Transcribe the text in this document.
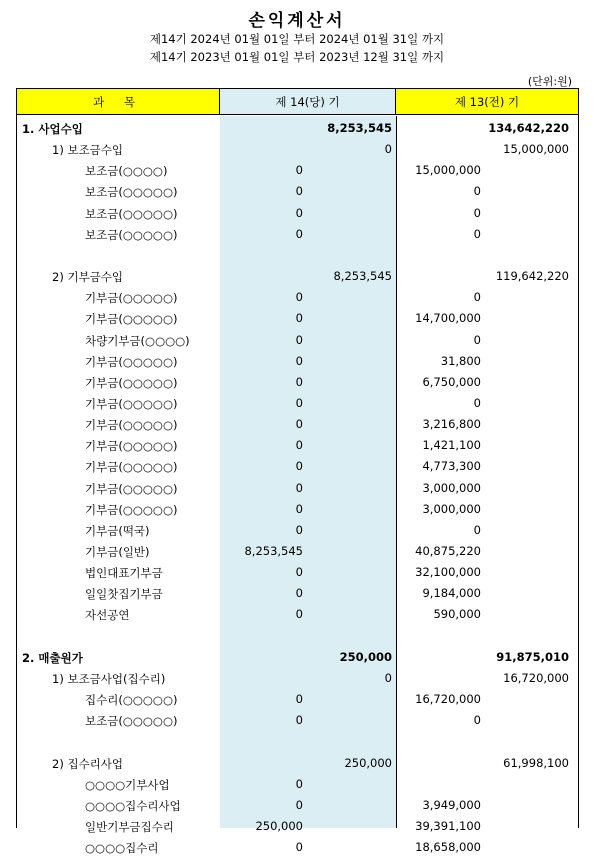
손익계산서
제14기 2024년 01월 01일 부터 2024년 01월 31일 까지
제14기 2023년 01월 01일 부터 2023년 12월 31일 까지
(단위:원)
과 목	제 14(당) 기	제 13(전) 기
1. 사업수입	8,253,545	134,642,220
1) 보조금수입	0	15,000,000
보조금(○○○○)	0	15,000,000
보조금(○○○○○)	0	0
보조금(○○○○○)	0	0
보조금(○○○○○)	0	0
2) 기부금수입	8,253,545	119,642,220
기부금(○○○○○)	0	0
기부금(○○○○○)	0	14,700,000
차량기부금(○○○○)	0	0
기부금(○○○○○)	0	31,800
기부금(○○○○○)	0	6,750,000
기부금(○○○○○)	0	0
기부금(○○○○○)	0	3,216,800
기부금(○○○○○)	0	1,421,100
기부금(○○○○○)	0	4,773,300
기부금(○○○○○)	0	3,000,000
기부금(○○○○○)	0	3,000,000
기부금(떡국)	0	0
기부금(일반)	8,253,545	40,875,220
법인대표기부금	0	32,100,000
일일찻집기부금	0	9,184,000
자선공연	0	590,000
2. 매출원가	250,000	91,875,010
1) 보조금사업(집수리)	0	16,720,000
집수리(○○○○○)	0	16,720,000
보조금(○○○○○)	0	0
2) 집수리사업	250,000	61,998,100
○○○○기부사업	0
○○○○집수리사업	0	3,949,000
일반기부금집수리	250,000	39,391,100
○○○○집수리	0	18,658,000
